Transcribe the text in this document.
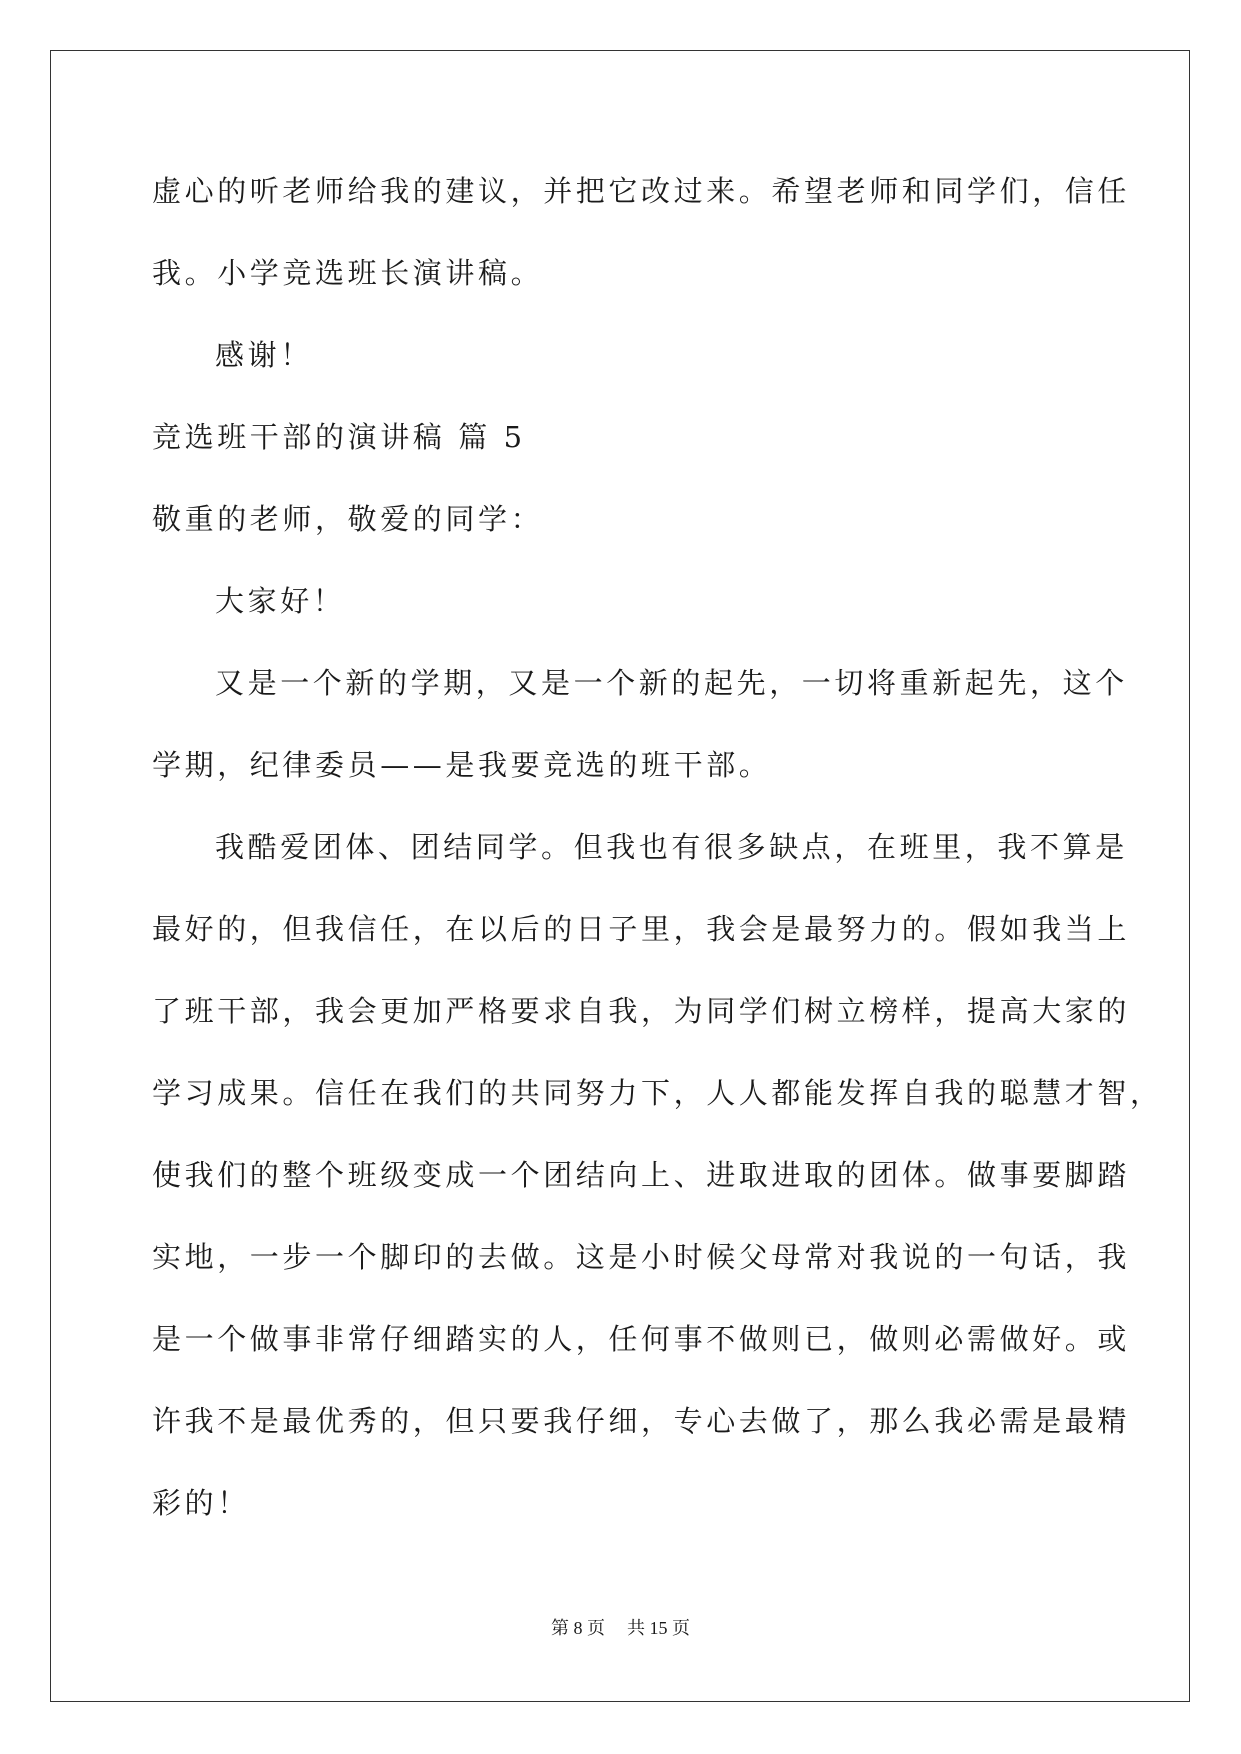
虚心的听老师给我的建议，并把它改过来。希望老师和同学们，信任
我。小学竞选班长演讲稿。
感谢！
竞选班干部的演讲稿 篇 5
敬重的老师，敬爱的同学：
大家好！
又是一个新的学期，又是一个新的起先，一切将重新起先，这个
学期，纪律委员——是我要竞选的班干部。
我酷爱团体、团结同学。但我也有很多缺点，在班里，我不算是
最好的，但我信任，在以后的日子里，我会是最努力的。假如我当上
了班干部，我会更加严格要求自我，为同学们树立榜样，提高大家的
学习成果。信任在我们的共同努力下，人人都能发挥自我的聪慧才智，
使我们的整个班级变成一个团结向上、进取进取的团体。做事要脚踏
实地，一步一个脚印的去做。这是小时候父母常对我说的一句话，我
是一个做事非常仔细踏实的人，任何事不做则已，做则必需做好。或
许我不是最优秀的，但只要我仔细，专心去做了，那么我必需是最精
彩的！
第 8 页 共 15 页
